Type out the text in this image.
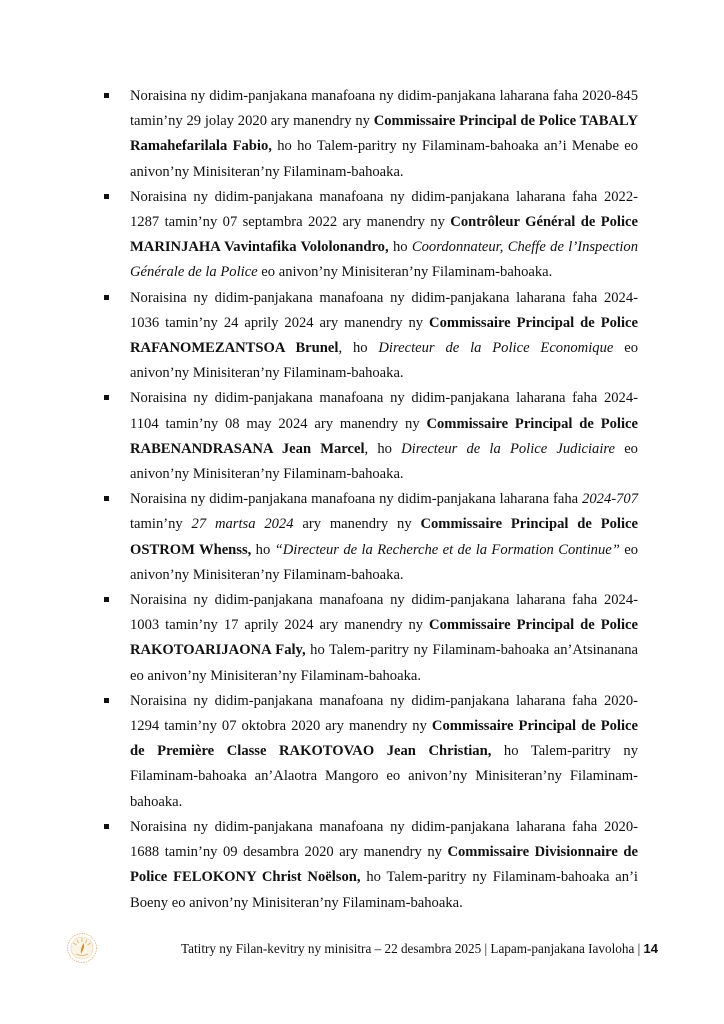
Noraisina ny didim-panjakana manafoana ny didim-panjakana laharana faha 2020-845 tamin’ny 29 jolay 2020 ary manendry ny Commissaire Principal de Police TABALY Ramahefarilala Fabio, ho ho Talem-paritry ny Filaminam-bahoaka an’i Menabe eo anivon’ny Minisiteran’ny Filaminam-bahoaka.

Noraisina ny didim-panjakana manafoana ny didim-panjakana laharana faha 2022-1287 tamin’ny 07 septambra 2022 ary manendry ny Contrôleur Général de Police MARINJAHA Vavintafika Vololonandro, ho Coordonnateur, Cheffe de l’Inspection Générale de la Police eo anivon’ny Minisiteran’ny Filaminam-bahoaka.

Noraisina ny didim-panjakana manafoana ny didim-panjakana laharana faha 2024-1036 tamin’ny 24 aprily 2024 ary manendry ny Commissaire Principal de Police RAFANOMEZANTSOA Brunel, ho Directeur de la Police Economique eo anivon’ny Minisiteran’ny Filaminam-bahoaka.

Noraisina ny didim-panjakana manafoana ny didim-panjakana laharana faha 2024-1104 tamin’ny 08 may 2024 ary manendry ny Commissaire Principal de Police RABENANDRASANA Jean Marcel, ho Directeur de la Police Judiciaire eo anivon’ny Minisiteran’ny Filaminam-bahoaka.

Noraisina ny didim-panjakana manafoana ny didim-panjakana laharana faha 2024-707 tamin’ny 27 martsa 2024 ary manendry ny Commissaire Principal de Police OSTROM Whenss, ho “Directeur de la Recherche et de la Formation Continue” eo anivon’ny Minisiteran’ny Filaminam-bahoaka.

Noraisina ny didim-panjakana manafoana ny didim-panjakana laharana faha 2024-1003 tamin’ny 17 aprily 2024 ary manendry ny Commissaire Principal de Police RAKOTOARIJAONA Faly, ho Talem-paritry ny Filaminam-bahoaka an’Atsinanana eo anivon’ny Minisiteran’ny Filaminam-bahoaka.

Noraisina ny didim-panjakana manafoana ny didim-panjakana laharana faha 2020-1294 tamin’ny 07 oktobra 2020 ary manendry ny Commissaire Principal de Police de Première Classe RAKOTOVAO Jean Christian, ho Talem-paritry ny Filaminam-bahoaka an’Alaotra Mangoro eo anivon’ny Minisiteran’ny Filaminam-bahoaka.

Noraisina ny didim-panjakana manafoana ny didim-panjakana laharana faha 2020-1688 tamin’ny 09 desambra 2020 ary manendry ny Commissaire Divisionnaire de Police FELOKONY Christ Noëlson, ho Talem-paritry ny Filaminam-bahoaka an’i Boeny eo anivon’ny Minisiteran’ny Filaminam-bahoaka.

Tatitry ny Filan-kevitry ny minisitra – 22 desambra 2025 | Lapam-panjakana Iavoloha | 14
